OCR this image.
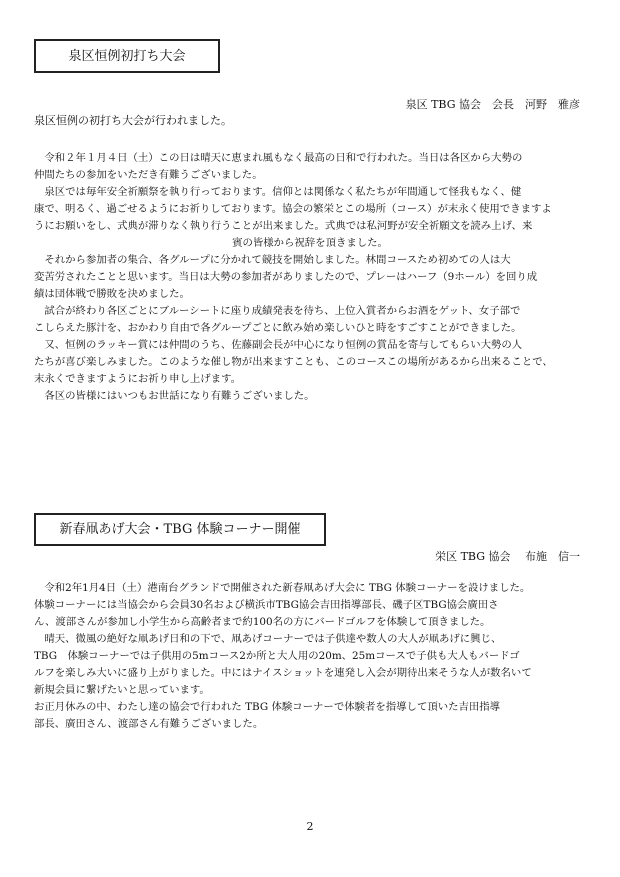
泉区恒例初打ち大会
泉区 TBG 協会　会長　河野　雅彦
泉区恒例の初打ち大会が行われました。
　令和２年１月４日（土）この日は晴天に恵まれ風もなく最高の日和で行われた。当日は各区から大勢の
仲間たちの参加をいただき有難うございました。
　泉区では毎年安全祈願祭を執り行っております。信仰とは関係なく私たちが年間通して怪我もなく、健
康で、明るく、過ごせるようにお祈りしております。協会の繁栄とこの場所（コース）が末永く使用できますよ
うにお願いをし、式典が滞りなく執り行うことが出来ました。式典では私河野が安全祈願文を読み上げ、来
賓の皆様から祝辞を頂きました。
　それから参加者の集合、各グループに分かれて競技を開始しました。林間コースため初めての人は大
変苦労されたことと思います。当日は大勢の参加者がありましたので、プレーはハーフ（9ホール）を回り成
績は団体戦で勝敗を決めました。
　試合が終わり各区ごとにブルーシートに座り成績発表を待ち、上位入賞者からお酒をゲット、女子部で
こしらえた豚汁を、おかわり自由で各グループごとに飲み始め楽しいひと時をすごすことができました。
　又、恒例のラッキー賞には仲間のうち、佐藤副会長が中心になり恒例の賞品を寄与してもらい大勢の人
たちが喜び楽しみました。このような催し物が出来ますことも、このコースこの場所があるから出来ることで、
末永くできますようにお祈り申し上げます。
　各区の皆様にはいつもお世話になり有難うございました。
新春凧あげ大会・TBG 体験コーナー開催
栄区 TBG 協会　 布施　信一
　令和2年1月4日（土）港南台グランドで開催された新春凧あげ大会に TBG 体験コーナーを設けました。
体験コーナーには当協会から会員30名および横浜市TBG協会吉田指導部長、磯子区TBG協会廣田さ
ん、渡部さんが参加し小学生から高齢者まで約100名の方にバードゴルフを体験して頂きました。
　晴天、微風の絶好な凧あげ日和の下で、凧あげコーナーでは子供達や数人の大人が凧あげに興じ、
TBG　体験コーナーでは子供用の5mコース2か所と大人用の20m、25mコースで子供も大人もバードゴ
ルフを楽しみ大いに盛り上がりました。中にはナイスショットを連発し入会が期待出来そうな人が数名いて
新規会員に繋げたいと思っています。
お正月休みの中、わたし達の協会で行われた TBG 体験コーナーで体験者を指導して頂いた吉田指導
部長、廣田さん、渡部さん有難うございました。
2
